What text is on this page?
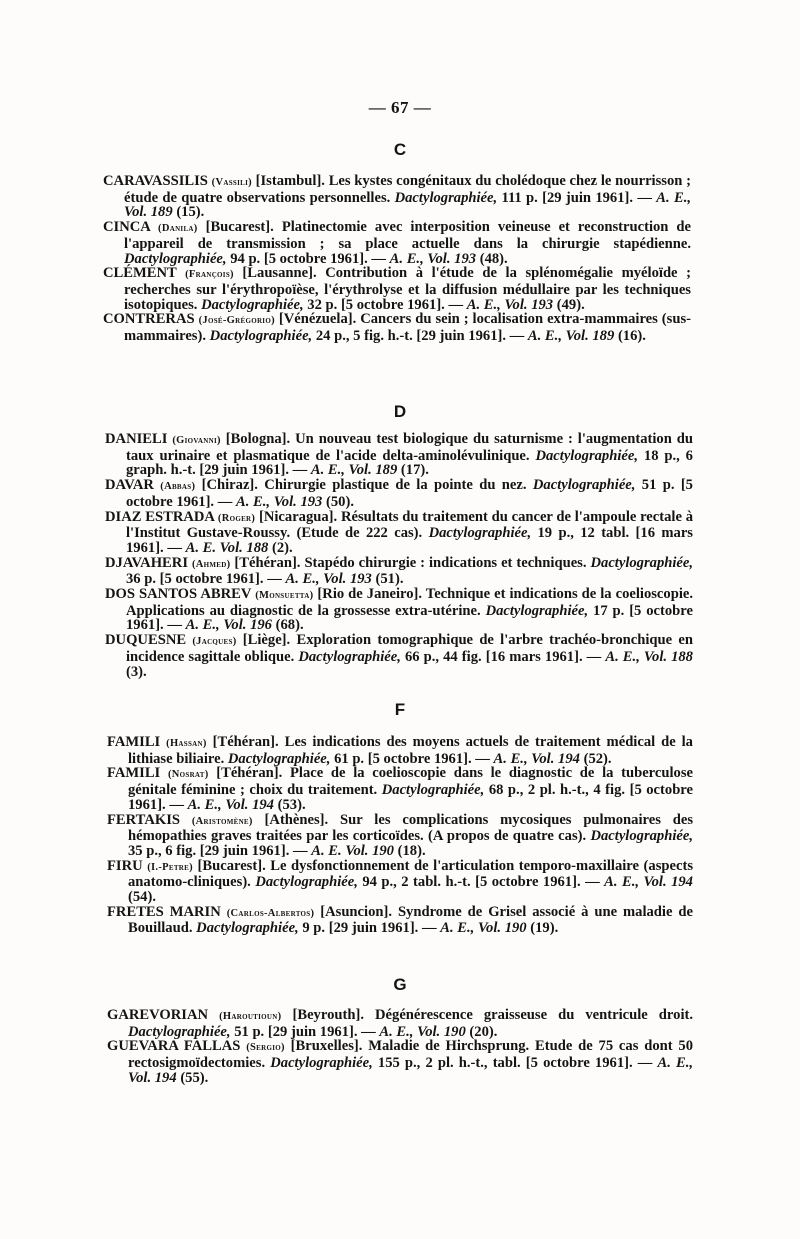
— 67 —
C

CARAVASSILIS (Vassili) [Istambul]. Les kystes congénitaux du cholédoque chez le nourrisson ; étude de quatre observations personnelles. Dactylographiée, 111 p. [29 juin 1961]. — A. E., Vol. 189 (15).

CINCA (Danila) [Bucarest]. Platinectomie avec interposition veineuse et reconstruction de l'appareil de transmission ; sa place actuelle dans la chirurgie stapédienne. Dactylographiée, 94 p. [5 octobre 1961]. — A. E., Vol. 193 (48).

CLÉMENT (François) [Lausanne]. Contribution à l'étude de la splénomégalie myéloïde ; recherches sur l'érythropoïèse, l'érythrolyse et la diffusion médullaire par les techniques isotopiques. Dactylographiée, 32 p. [5 octobre 1961]. — A. E., Vol. 193 (49).

CONTRERAS (José-Grégorio) [Vénézuela]. Cancers du sein ; localisation extra-mammaires (sus-mammaires). Dactylographiée, 24 p., 5 fig. h.-t. [29 juin 1961]. — A. E., Vol. 189 (16).

D

DANIELI (Giovanni) [Bologna]. Un nouveau test biologique du saturnisme : l'augmentation du taux urinaire et plasmatique de l'acide delta-aminolévulinique. Dactylographiée, 18 p., 6 graph. h.-t. [29 juin 1961]. — A. E., Vol. 189 (17).

DAVAR (Abbas) [Chiraz]. Chirurgie plastique de la pointe du nez. Dactylographiée, 51 p. [5 octobre 1961]. — A. E., Vol. 193 (50).

DIAZ ESTRADA (Roger) [Nicaragua]. Résultats du traitement du cancer de l'ampoule rectale à l'Institut Gustave-Roussy. (Etude de 222 cas). Dactylographiée, 19 p., 12 tabl. [16 mars 1961]. — A. E. Vol. 188 (2).

DJAVAHERI (Ahmed) [Téhéran]. Stapédo chirurgie : indications et techniques. Dactylographiée, 36 p. [5 octobre 1961]. — A. E., Vol. 193 (51).

DOS SANTOS ABREV (Monsuetta) [Rio de Janeiro]. Technique et indications de la coelioscopie. Applications au diagnostic de la grossesse extra-utérine. Dactylographiée, 17 p. [5 octobre 1961]. — A. E., Vol. 196 (68).

DUQUESNE (Jacques) [Liège]. Exploration tomographique de l'arbre trachéo-bronchique en incidence sagittale oblique. Dactylographiée, 66 p., 44 fig. [16 mars 1961]. — A. E., Vol. 188 (3).

F

FAMILI (Hassan) [Téhéran]. Les indications des moyens actuels de traitement médical de la lithiase biliaire. Dactylographiée, 61 p. [5 octobre 1961]. — A. E., Vol. 194 (52).

FAMILI (Nosrat) [Téhéran]. Place de la coelioscopie dans le diagnostic de la tuberculose génitale féminine ; choix du traitement. Dactylographiée, 68 p., 2 pl. h.-t., 4 fig. [5 octobre 1961]. — A. E., Vol. 194 (53).

FERTAKIS (Aristomène) [Athènes]. Sur les complications mycosiques pulmonaires des hémopathies graves traitées par les corticoïdes. (A propos de quatre cas). Dactylographiée, 35 p., 6 fig. [29 juin 1961]. — A. E. Vol. 190 (18).

FIRU (I.-Petre) [Bucarest]. Le dysfonctionnement de l'articulation temporo-maxillaire (aspects anatomo-cliniques). Dactylographiée, 94 p., 2 tabl. h.-t. [5 octobre 1961]. — A. E., Vol. 194 (54).

FRETES MARIN (Carlos-Albertos) [Asuncion]. Syndrome de Grisel associé à une maladie de Bouillaud. Dactylographiée, 9 p. [29 juin 1961]. — A. E., Vol. 190 (19).

G

GAREVORIAN (Haroutioun) [Beyrouth]. Dégénérescence graisseuse du ventricule droit. Dactylographiée, 51 p. [29 juin 1961]. — A. E., Vol. 190 (20).

GUEVARA FALLAS (Sergio) [Bruxelles]. Maladie de Hirchsprung. Etude de 75 cas dont 50 rectosigmoïdectomies. Dactylographiée, 155 p., 2 pl. h.-t., tabl. [5 octobre 1961]. — A. E., Vol. 194 (55).
